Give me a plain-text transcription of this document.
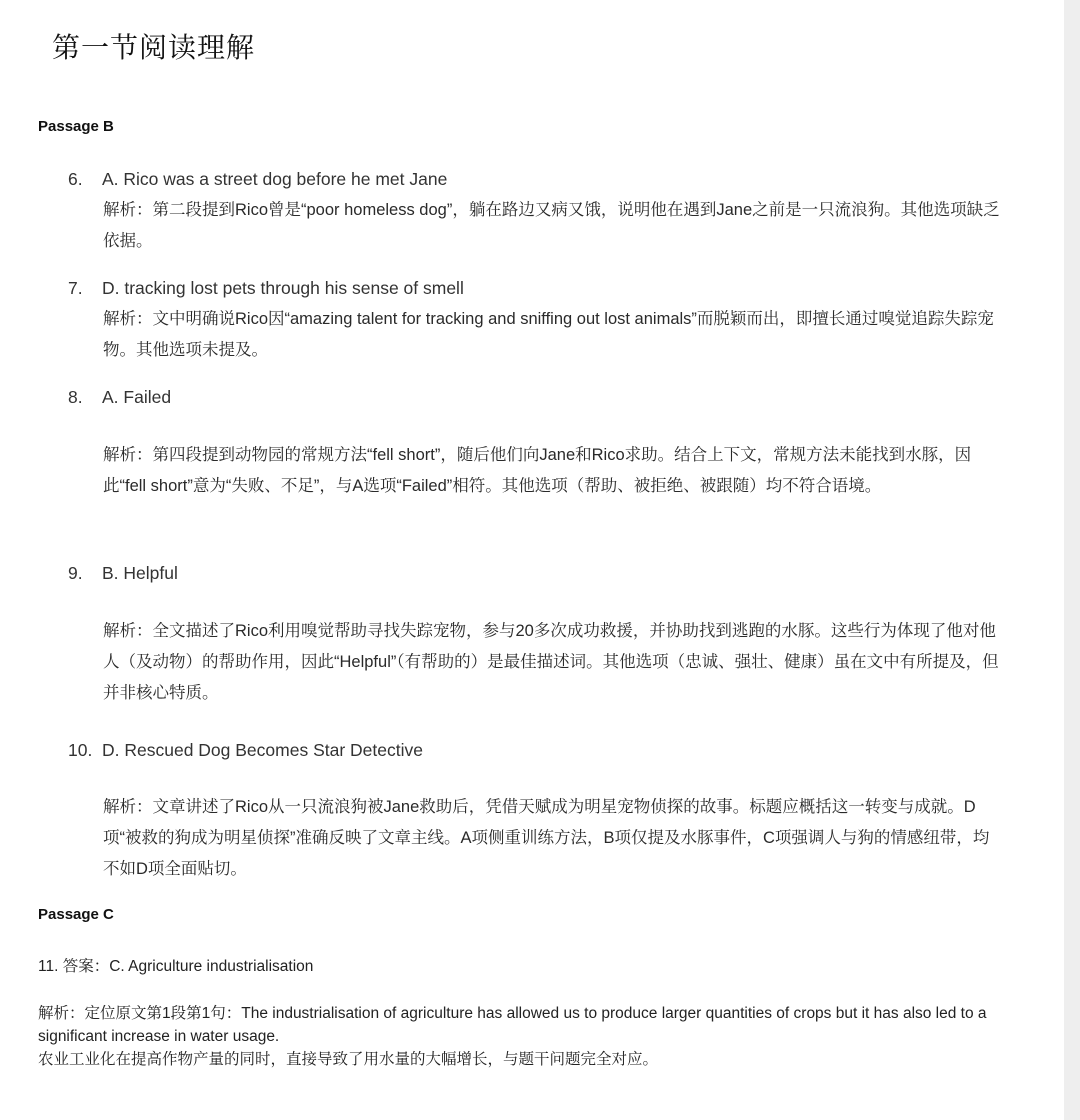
第一节阅读理解
Passage B
6. A. Rico was a street dog before he met Jane
解析：第二段提到Rico曾是“poor homeless dog”，躺在路边又病又饿，说明他在遇到Jane之前是一只流浪狗。其他选项缺乏依据。
7. D. tracking lost pets through his sense of smell
解析：文中明确说Rico因“amazing talent for tracking and sniffing out lost animals”而脱颖而出，即擅长通过嗅觉追踪失踪宠物。其他选项未提及。
8. A. Failed
解析：第四段提到动物园的常规方法“fell short”，随后他们向Jane和Rico求助。结合上下文，常规方法未能找到水豚，因此“fell short”意为“失败、不足”，与A选项“Failed”相符。其他选项（帮助、被拒绝、被跟随）均不符合语境。
9. B. Helpful
解析：全文描述了Rico利用嗅觉帮助寻找失踪宠物，参与20多次成功救援，并协助找到逃跑的水豚。这些行为体现了他对他人（及动物）的帮助作用，因此“Helpful”（有帮助的）是最佳描述词。其他选项（忠诚、强壮、健康）虽在文中有所提及，但并非核心特质。
10. D. Rescued Dog Becomes Star Detective
解析：文章讲述了Rico从一只流浪狗被Jane救助后，凭借天赋成为明星宠物侦探的故事。标题应概括这一转变与成就。D项“被救的狗成为明星侦探”准确反映了文章主线。A项侧重训练方法，B项仅提及水豚事件，C项强调人与狗的情感纽带，均不如D项全面贴切。
Passage C
11. 答案：C. Agriculture industrialisation
解析：定位原文第1段第1句：The industrialisation of agriculture has allowed us to produce larger quantities of crops but it has also led to a significant increase in water usage.
农业工业化在提高作物产量的同时，直接导致了用水量的大幅增长，与题干问题完全对应。
